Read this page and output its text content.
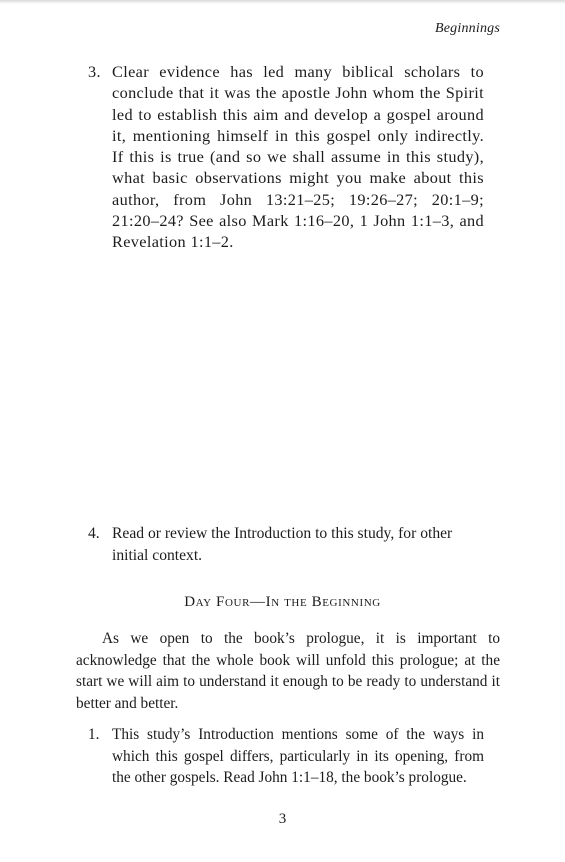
Beginnings
3. Clear evidence has led many biblical scholars to conclude that it was the apostle John whom the Spirit led to establish this aim and develop a gospel around it, mentioning himself in this gospel only indirectly. If this is true (and so we shall assume in this study), what basic observations might you make about this author, from John 13:21–25; 19:26–27; 20:1–9; 21:20–24? See also Mark 1:16–20, 1 John 1:1–3, and Revelation 1:1–2.
4. Read or review the Introduction to this study, for other initial context.
Day Four—In the Beginning

As we open to the book’s prologue, it is important to acknowledge that the whole book will unfold this prologue; at the start we will aim to understand it enough to be ready to understand it better and better.

1. This study’s Introduction mentions some of the ways in which this gospel differs, particularly in its opening, from the other gospels. Read John 1:1–18, the book’s prologue.
3
